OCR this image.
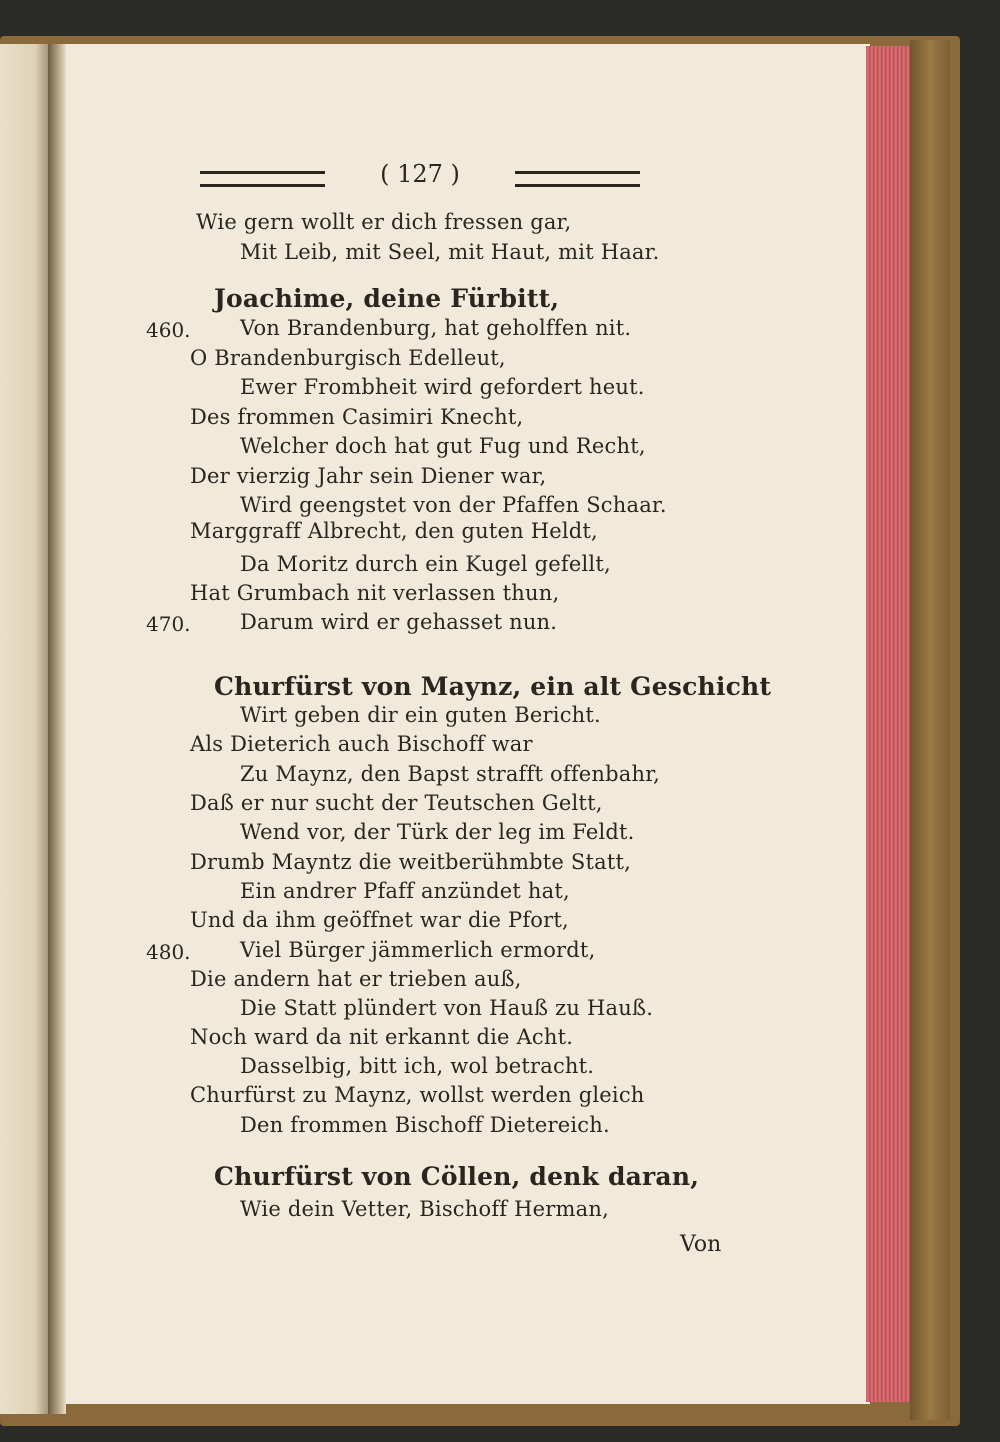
( 127 )
Wie gern wollt er dich fressen gar,
Mit Leib, mit Seel, mit Haut, mit Haar.
Joachime, deine Fürbitt,
Von Brandenburg, hat geholffen nit.
O Brandenburgisch Edelleut,
Ewer Frombheit wird gefordert heut.
Des frommen Casimiri Knecht,
Welcher doch hat gut Fug und Recht,
Der vierzig Jahr sein Diener war,
Wird geengstet von der Pfaffen Schaar.
Marggraff Albrecht, den guten Heldt,
Da Moritz durch ein Kugel gefellt,
Hat Grumbach nit verlassen thun,
Darum wird er gehasset nun.
Churfürst von Maynz, ein alt Geschicht
Wirt geben dir ein guten Bericht.
Als Dieterich auch Bischoff war
Zu Maynz, den Bapst strafft offenbahr,
Daß er nur sucht der Teutschen Geltt,
Wend vor, der Türk der leg im Feldt.
Drumb Mayntz die weitberühmbte Statt,
Ein andrer Pfaff anzündet hat,
Und da ihm geöffnet war die Pfort,
Viel Bürger jämmerlich ermordt,
Die andern hat er trieben auß,
Die Statt plündert von Hauß zu Hauß.
Noch ward da nit erkannt die Acht.
Dasselbig, bitt ich, wol betracht.
Churfürst zu Maynz, wollst werden gleich
Den frommen Bischoff Dietereich.
Churfürst von Cöllen, denk daran,
Wie dein Vetter, Bischoff Herman,
460.
470.
480.
Von
